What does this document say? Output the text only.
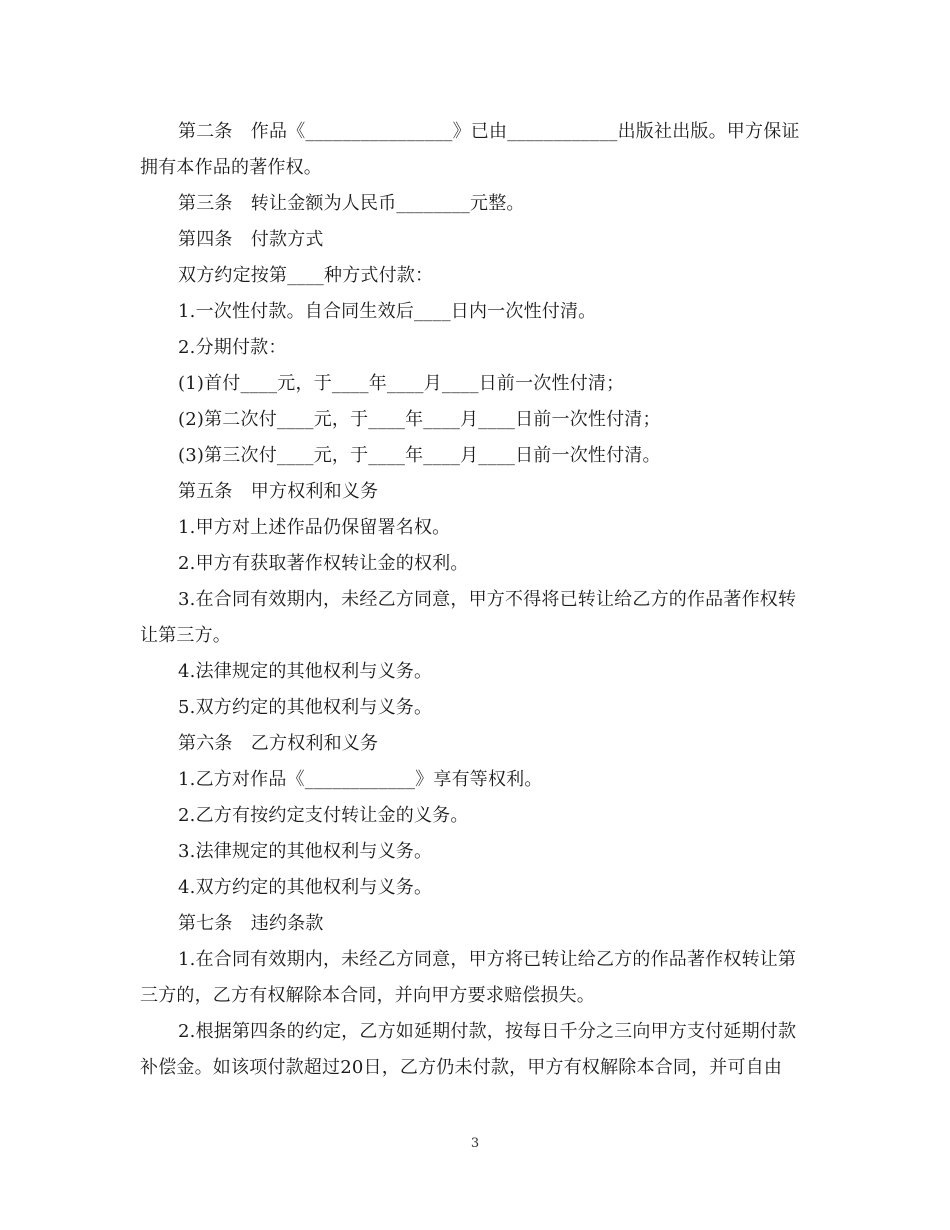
第二条　作品《________________》已由____________出版社出版。甲方保证拥有本作品的著作权。

第三条　转让金额为人民币________元整。

第四条　付款方式

双方约定按第____种方式付款：

1.一次性付款。自合同生效后____日内一次性付清。

2.分期付款：

(1)首付____元，于____年____月____日前一次性付清；

(2)第二次付____元，于____年____月____日前一次性付清；

(3)第三次付____元，于____年____月____日前一次性付清。

第五条　甲方权利和义务

1.甲方对上述作品仍保留署名权。

2.甲方有获取著作权转让金的权利。

3.在合同有效期内，未经乙方同意，甲方不得将已转让给乙方的作品著作权转让第三方。

4.法律规定的其他权利与义务。

5.双方约定的其他权利与义务。

第六条　乙方权利和义务

1.乙方对作品《____________》享有等权利。

2.乙方有按约定支付转让金的义务。

3.法律规定的其他权利与义务。

4.双方约定的其他权利与义务。

第七条　违约条款

1.在合同有效期内，未经乙方同意，甲方将已转让给乙方的作品著作权转让第三方的，乙方有权解除本合同，并向甲方要求赔偿损失。

2.根据第四条的约定，乙方如延期付款，按每日千分之三向甲方支付延期付款补偿金。如该项付款超过20日，乙方仍未付款，甲方有权解除本合同，并可自由

3
